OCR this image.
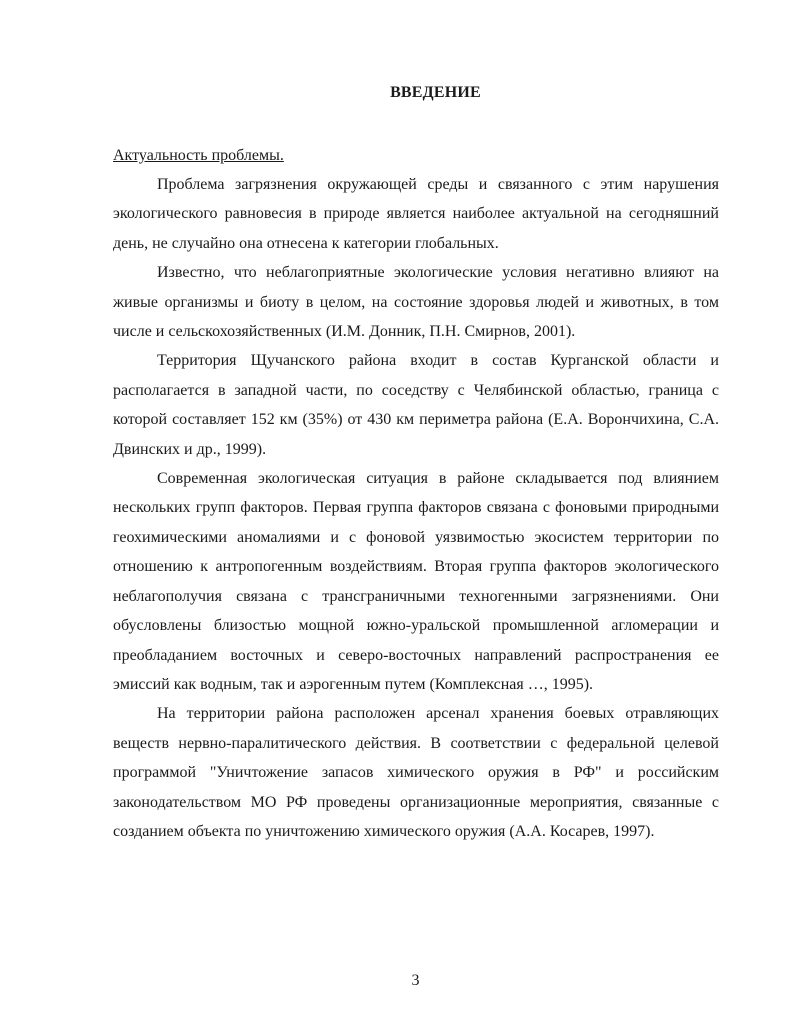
ВВЕДЕНИЕ
Актуальность проблемы.

Проблема загрязнения окружающей среды и связанного с этим нарушения экологического равновесия в природе является наиболее актуальной на сегодняшний день, не случайно она отнесена к категории глобальных.

Известно, что неблагоприятные экологические условия негативно влияют на живые организмы и биоту в целом, на состояние здоровья людей и животных, в том числе и сельскохозяйственных (И.М. Донник, П.Н. Смирнов, 2001).

Территория Щучанского района входит в состав Курганской области и располагается в западной части, по соседству с Челябинской областью, граница с которой составляет 152 км (35%) от 430 км периметра района (Е.А. Ворончихина, С.А. Двинских и др., 1999).

Современная экологическая ситуация в районе складывается под влиянием нескольких групп факторов. Первая группа факторов связана с фоновыми природными геохимическими аномалиями и с фоновой уязвимостью экосистем территории по отношению к антропогенным воздействиям. Вторая группа факторов экологического неблагополучия связана с трансграничными техногенными загрязнениями. Они обусловлены близостью мощной южно-уральской промышленной агломерации и преобладанием восточных и северо-восточных направлений распространения ее эмиссий как водным, так и аэрогенным путем (Комплексная …, 1995).

На территории района расположен арсенал хранения боевых отравляющих веществ нервно-паралитического действия. В соответствии с федеральной целевой программой "Уничтожение запасов химического оружия в РФ" и российским законодательством МО РФ проведены организационные мероприятия, связанные с созданием объекта по уничтожению химического оружия (А.А. Косарев, 1997).

3
